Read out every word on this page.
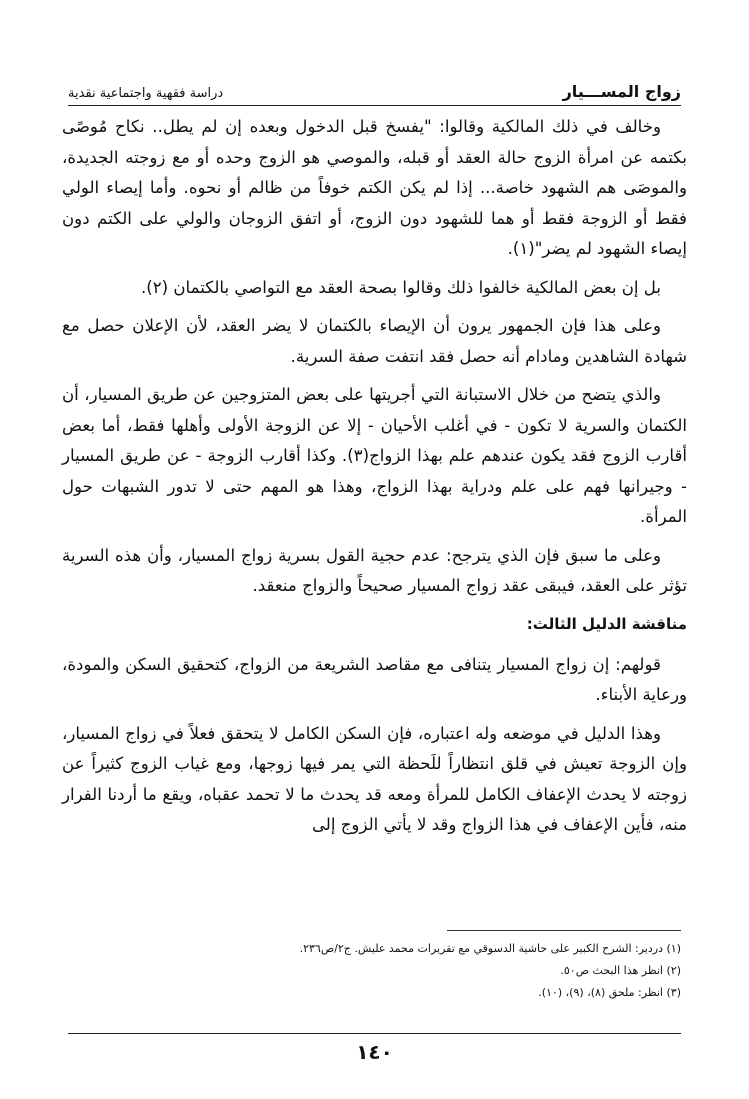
زواج المســـيار
دراسة فقهية واجتماعية نقدية

وخالف في ذلك المالكية وقالوا: "يفسخ قبل الدخول وبعده إن لم يطل.. نكاح مُوصًى بكتمه عن امرأة الزوج حالة العقد أو قبله، والموصي هو الزوج وحده أو مع زوجته الجديدة، والموصَى هم الشهود خاصة... إذا لم يكن الكتم خوفاً من ظالم أو نحوه. وأما إيصاء الولي فقط أو الزوجة فقط أو هما للشهود دون الزوج، أو اتفق الزوجان والولي على الكتم دون إيصاء الشهود لم يضر"(١).

بل إن بعض المالكية خالفوا ذلك وقالوا بصحة العقد مع التواصي بالكتمان (٢).

وعلى هذا فإن الجمهور يرون أن الإيصاء بالكتمان لا يضر العقد، لأن الإعلان حصل مع شهادة الشاهدين ومادام أنه حصل فقد انتفت صفة السرية.

والذي يتضح من خلال الاستبانة التي أجريتها على بعض المتزوجين عن طريق المسيار، أن الكتمان والسرية لا تكون - في أغلب الأحيان - إلا عن الزوجة الأولى وأهلها فقط، أما بعض أقارب الزوج فقد يكون عندهم علم بهذا الزواج(٣). وكذا أقارب الزوجة - عن طريق المسيار - وجيرانها فهم على علم ودراية بهذا الزواج، وهذا هو المهم حتى لا تدور الشبهات حول المرأة.

وعلى ما سبق فإن الذي يترجح: عدم حجية القول بسرية زواج المسيار، وأن هذه السرية تؤثر على العقد، فيبقى عقد زواج المسيار صحيحاً والزواج منعقد.

مناقشة الدليل الثالث:

قولهم: إن زواج المسيار يتنافى مع مقاصد الشريعة من الزواج، كتحقيق السكن والمودة، ورعاية الأبناء.

وهذا الدليل في موضعه وله اعتباره، فإن السكن الكامل لا يتحقق فعلاً في زواج المسيار، وإن الزوجة تعيش في قلق انتظاراً للَحظة التي يمر فيها زوجها، ومع غياب الزوج كثيراً عن زوجته لا يحدث الإعفاف الكامل للمرأة ومعه قد يحدث ما لا تحمد عقباه، ويقع ما أردنا الفرار منه، فأين الإعفاف في هذا الزواج وقد لا يأتي الزوج إلى

(١) دردير: الشرح الكبير على حاشية الدسوقي مع تقريرات محمد عليش. ج٢/ص٢٣٦.

(٢) انظر هذا البحث ص٥٠.

(٣) انظر: ملحق (٨)، (٩)، (١٠).

١٤٠
